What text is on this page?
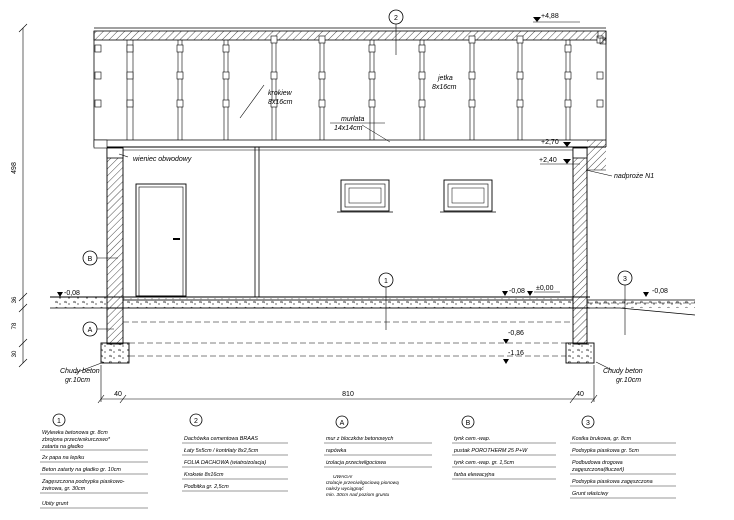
498
36
78
30
40	810	40
2
1
B
A
3
+4,88
+2,70
+2,40
-0,08	-0,08 ±0,00	-0,08
-0,86
-1,16
krokiew
8x16cm
jetka
8x16cm
murłata
14x14cm
wieniec obwodowy
nadproże N1
Chudy beton
gr.10cm
Chudy beton
gr.10cm
1
Wylewka betonowa gr. 8cm
zbrojona przeciwskurczowo*
zatarta na gładko
2x papa na lepiku
Beton zatarty na gładko gr. 10cm
Zagęszczona podsypka piaskowo-
żwirowa, gr. 30cm
Ubity grunt
2
Dachówka cementowa BRAAS
Łaty 5x5cm / kontrłaty 8x2,5cm
FOLIA DACHOWA (wiatroizolacja)
Krokwie 8x16cm
Podbitka gr. 2,5cm
A
mur z bloczków betonowych
rapówka
izolacja przeciwilgociowa
UWAGA!
Izolacje przeciwilgociową pionową
należy wyciągnąć
min. 30cm nad poziom gruntu
B
tynk cem.-wap.
pustak POROTHERM 25 P+W
tynk cem.-wap. gr. 1,5cm
farba elewacyjna
3
Kostka brukowa, gr. 8cm
Podsypka piaskowa gr. 5cm
Podbudowa drogowa
zagęszczona(tłuczeń)
Podsypka piaskowa zagęszczona
Grunt właściwy
